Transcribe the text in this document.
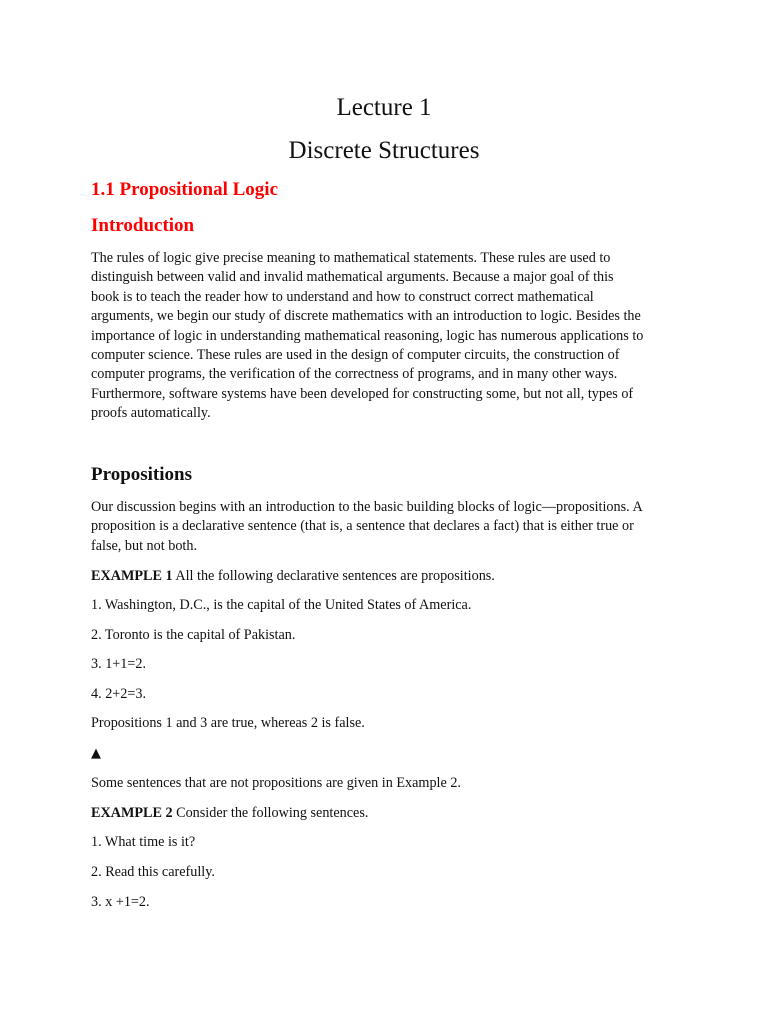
Lecture 1
Discrete Structures
1.1 Propositional Logic
Introduction
The rules of logic give precise meaning to mathematical statements. These rules are used to
distinguish between valid and invalid mathematical arguments. Because a major goal of this
book is to teach the reader how to understand and how to construct correct mathematical
arguments, we begin our study of discrete mathematics with an introduction to logic. Besides the
importance of logic in understanding mathematical reasoning, logic has numerous applications to
computer science. These rules are used in the design of computer circuits, the construction of
computer programs, the verification of the correctness of programs, and in many other ways.
Furthermore, software systems have been developed for constructing some, but not all, types of
proofs automatically.
Propositions
Our discussion begins with an introduction to the basic building blocks of logic—propositions. A
proposition is a declarative sentence (that is, a sentence that declares a fact) that is either true or
false, but not both.
EXAMPLE 1 All the following declarative sentences are propositions.
1. Washington, D.C., is the capital of the United States of America.
2. Toronto is the capital of Pakistan.
3. 1+1=2.
4. 2+2=3.
Propositions 1 and 3 are true, whereas 2 is false.
▲
Some sentences that are not propositions are given in Example 2.
EXAMPLE 2 Consider the following sentences.
1. What time is it?
2. Read this carefully.
3. x +1=2.
